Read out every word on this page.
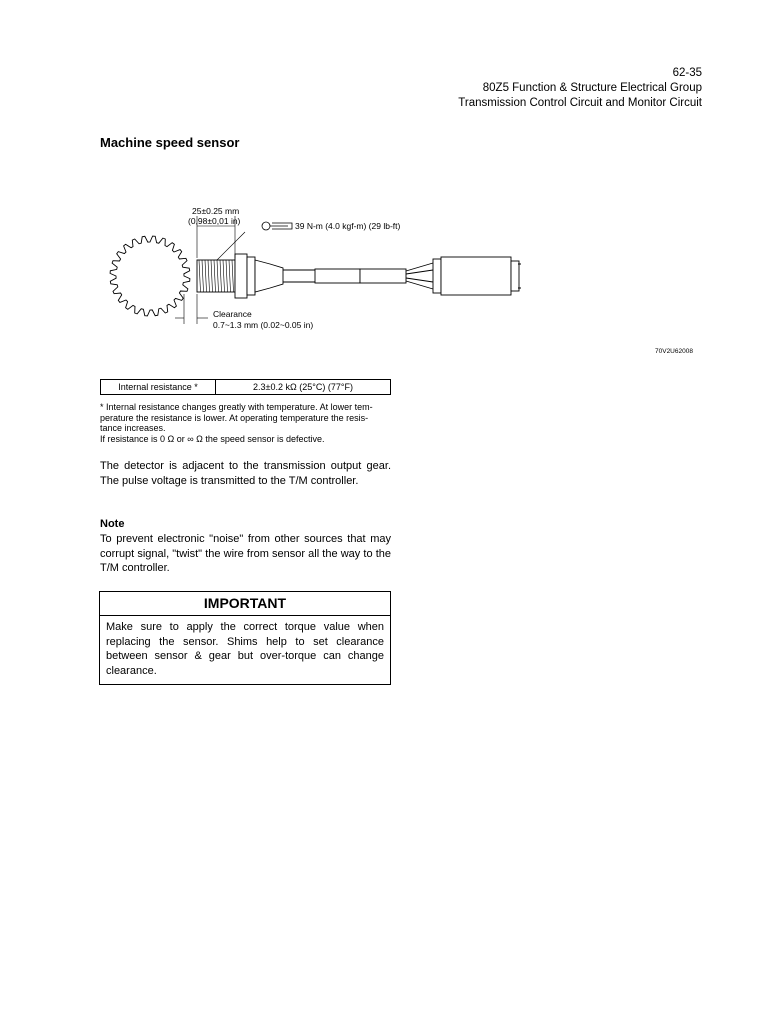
62-35
80Z5 Function & Structure Electrical Group
Transmission Control Circuit and Monitor Circuit
Machine speed sensor
25±0.25 mm
(0,98±0,01 in)	39 N-m (4.0 kgf-m) (29 lb-ft)
Clearance
0.7~1.3 mm (0.02~0.05 in)
70V2U62008
Internal resistance *	2.3±0.2 kΩ (25°C) (77°F)
* Internal resistance changes greatly with temperature. At lower tem-
perature the resistance is lower. At operating temperature the resis-
tance increases.
If resistance is 0 Ω or ∞ Ω the speed sensor is defective.
The detector is adjacent to the transmission output gear. The pulse voltage is transmitted to the T/M controller.
Note
To prevent electronic "noise" from other sources that may corrupt signal, "twist" the wire from sensor all the way to the T/M controller.
IMPORTANT
Make sure to apply the correct torque value when replacing the sensor. Shims help to set clearance between sensor & gear but over-torque can change clearance.
